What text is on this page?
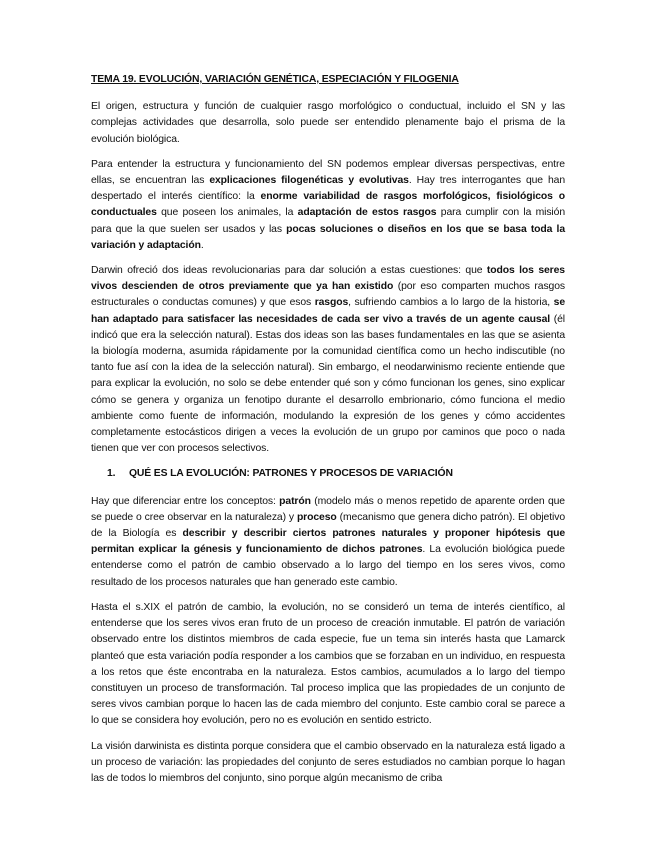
TEMA 19. EVOLUCIÓN, VARIACIÓN GENÉTICA, ESPECIACIÓN Y FILOGENIA

El origen, estructura y función de cualquier rasgo morfológico o conductual, incluido el SN y las complejas actividades que desarrolla, solo puede ser entendido plenamente bajo el prisma de la evolución biológica.

Para entender la estructura y funcionamiento del SN podemos emplear diversas perspectivas, entre ellas, se encuentran las explicaciones filogenéticas y evolutivas. Hay tres interrogantes que han despertado el interés científico: la enorme variabilidad de rasgos morfológicos, fisiológicos o conductuales que poseen los animales, la adaptación de estos rasgos para cumplir con la misión para que la que suelen ser usados y las pocas soluciones o diseños en los que se basa toda la variación y adaptación.

Darwin ofreció dos ideas revolucionarias para dar solución a estas cuestiones: que todos los seres vivos descienden de otros previamente que ya han existido (por eso comparten muchos rasgos estructurales o conductas comunes) y que esos rasgos, sufriendo cambios a lo largo de la historia, se han adaptado para satisfacer las necesidades de cada ser vivo a través de un agente causal (él indicó que era la selección natural). Estas dos ideas son las bases fundamentales en las que se asienta la biología moderna, asumida rápidamente por la comunidad científica como un hecho indiscutible (no tanto fue así con la idea de la selección natural). Sin embargo, el neodarwinismo reciente entiende que para explicar la evolución, no solo se debe entender qué son y cómo funcionan los genes, sino explicar cómo se genera y organiza un fenotipo durante el desarrollo embrionario, cómo funciona el medio ambiente como fuente de información, modulando la expresión de los genes y cómo accidentes completamente estocásticos dirigen a veces la evolución de un grupo por caminos que poco o nada tienen que ver con procesos selectivos.

1. QUÉ ES LA EVOLUCIÓN: PATRONES Y PROCESOS DE VARIACIÓN

Hay que diferenciar entre los conceptos: patrón (modelo más o menos repetido de aparente orden que se puede o cree observar en la naturaleza) y proceso (mecanismo que genera dicho patrón). El objetivo de la Biología es describir y describir ciertos patrones naturales y proponer hipótesis que permitan explicar la génesis y funcionamiento de dichos patrones. La evolución biológica puede entenderse como el patrón de cambio observado a lo largo del tiempo en los seres vivos, como resultado de los procesos naturales que han generado este cambio.

Hasta el s.XIX el patrón de cambio, la evolución, no se consideró un tema de interés científico, al entenderse que los seres vivos eran fruto de un proceso de creación inmutable. El patrón de variación observado entre los distintos miembros de cada especie, fue un tema sin interés hasta que Lamarck planteó que esta variación podía responder a los cambios que se forzaban en un individuo, en respuesta a los retos que éste encontraba en la naturaleza. Estos cambios, acumulados a lo largo del tiempo constituyen un proceso de transformación. Tal proceso implica que las propiedades de un conjunto de seres vivos cambian porque lo hacen las de cada miembro del conjunto. Este cambio coral se parece a lo que se considera hoy evolución, pero no es evolución en sentido estricto.

La visión darwinista es distinta porque considera que el cambio observado en la naturaleza está ligado a un proceso de variación: las propiedades del conjunto de seres estudiados no cambian porque lo hagan las de todos lo miembros del conjunto, sino porque algún mecanismo de criba
